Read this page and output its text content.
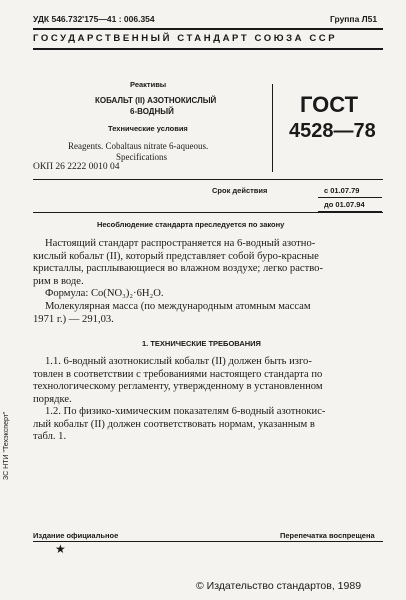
УДК 546.732'175—41 : 006.354	Группа Л51
ГОСУДАРСТВЕННЫЙ СТАНДАРТ СОЮЗА ССР
Реактивы
КОБАЛЬТ (II) АЗОТНОКИСЛЫЙ
6-ВОДНЫЙ
Технические условия
Reagents. Cobaltaus nitrate 6-aqueous.
Specifications
ОКП 26 2222 0010 04
ГОСТ
4528—78
Срок действия	с 01.07.79
до 01.07.94
Несоблюдение стандарта преследуется по закону
Настоящий стандарт распространяется на 6-водный азотно-
кислый кобальт (II), который представляет собой буро-красные
кристаллы, расплывающиеся во влажном воздухе; легко раство-
рим в воде.
Формула: Co(NO₃)₂·6H₂O.
Молекулярная масса (по международным атомным массам
1971 г.) — 291,03.
1. ТЕХНИЧЕСКИЕ ТРЕБОВАНИЯ
1.1. 6-водный азотнокислый кобальт (II) должен быть изго-
товлен в соответствии с требованиями настоящего стандарта по
технологическому регламенту, утвержденному в установленном
порядке.
1.2. По физико-химическим показателям 6-водный азотнокис-
лый кобальт (II) должен соответствовать нормам, указанным в
табл. 1.
ЗС НТИ "Техэксперт"
Издание официальное	Перепечатка воспрещена
★
© Издательство стандартов, 1989
